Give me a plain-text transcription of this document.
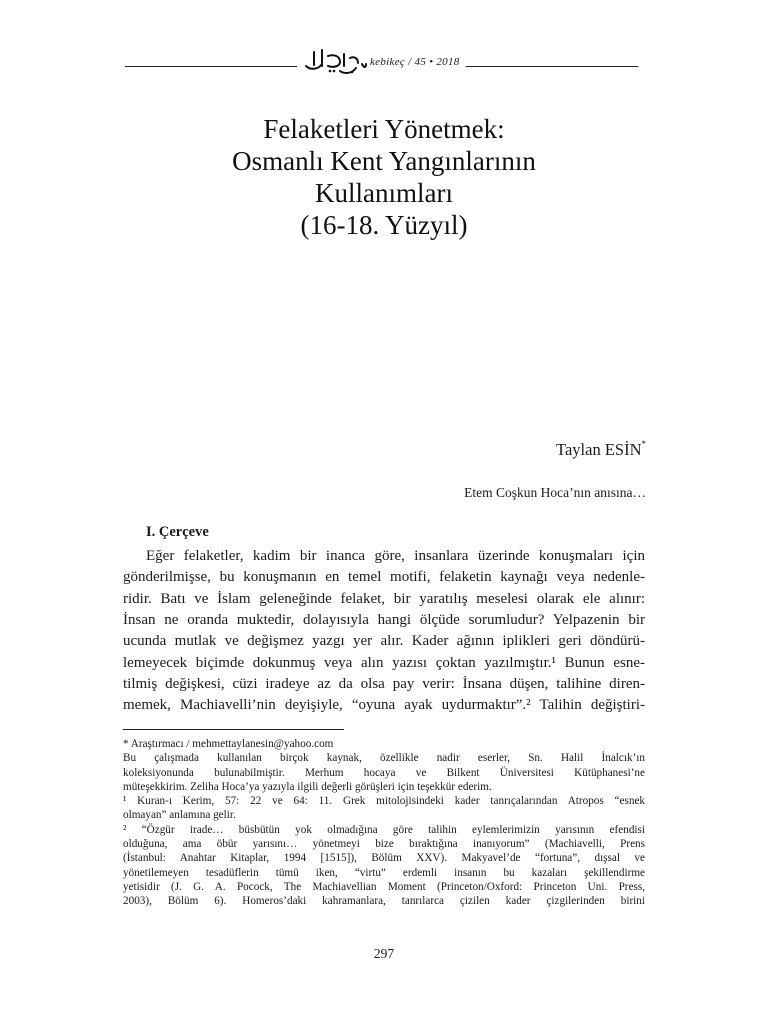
kebikeç / 45 • 2018
Felaketleri Yönetmek:
Osmanlı Kent Yangınlarının
Kullanımları
(16-18. Yüzyıl)
Taylan ESİN*
Etem Coşkun Hoca’nın anısına…
I. Çerçeve
Eğer felaketler, kadim bir inanca göre, insanlara üzerinde konuşmaları için
gönderilmişse, bu konuşmanın en temel motifi, felaketin kaynağı veya nedenle-
ridir. Batı ve İslam geleneğinde felaket, bir yaratılış meselesi olarak ele alınır:
İnsan ne oranda muktedir, dolayısıyla hangi ölçüde sorumludur? Yelpazenin bir
ucunda mutlak ve değişmez yazgı yer alır. Kader ağının iplikleri geri döndürü-
lemeyecek biçimde dokunmuş veya alın yazısı çoktan yazılmıştır.¹ Bunun esne-
tilmiş değişkesi, cüzi iradeye az da olsa pay verir: İnsana düşen, talihine diren-
memek, Machiavelli’nin deyişiyle, “oyuna ayak uydurmaktır”.² Talihin değiştiri-
* Araştırmacı / mehmettaylanesin@yahoo.com
Bu çalışmada kullanılan birçok kaynak, özellikle nadir eserler, Sn. Halil İnalcık’ın
koleksiyonunda bulunabilmiştir. Merhum hocaya ve Bilkent Üniversitesi Kütüphanesi’ne
müteşekkirim. Zeliha Hoca’ya yazıyla ilgili değerli görüşleri için teşekkür ederim.
¹ Kuran-ı Kerim, 57: 22 ve 64: 11. Grek mitolojisindeki kader tanrıçalarından Atropos “esnek
olmayan” anlamına gelir.
² “Özgür irade… büsbütün yok olmadığına göre talihin eylemlerimizin yarısının efendisi
olduğuna, ama öbür yarısını… yönetmeyi bize bıraktığına inanıyorum” (Machiavelli, Prens
(İstanbul: Anahtar Kitaplar, 1994 [1515]), Bölüm XXV). Makyavel’de “fortuna”, dışsal ve
yönetilemeyen tesadüflerin tümü iken, “virtu” erdemli insanın bu kazaları şekillendirme
yetisidir (J. G. A. Pocock, The Machiavellian Moment (Princeton/Oxford: Princeton Uni. Press,
2003), Bölüm 6). Homeros’daki kahramanlara, tanrılarca çizilen kader çizgilerinden birini
297
